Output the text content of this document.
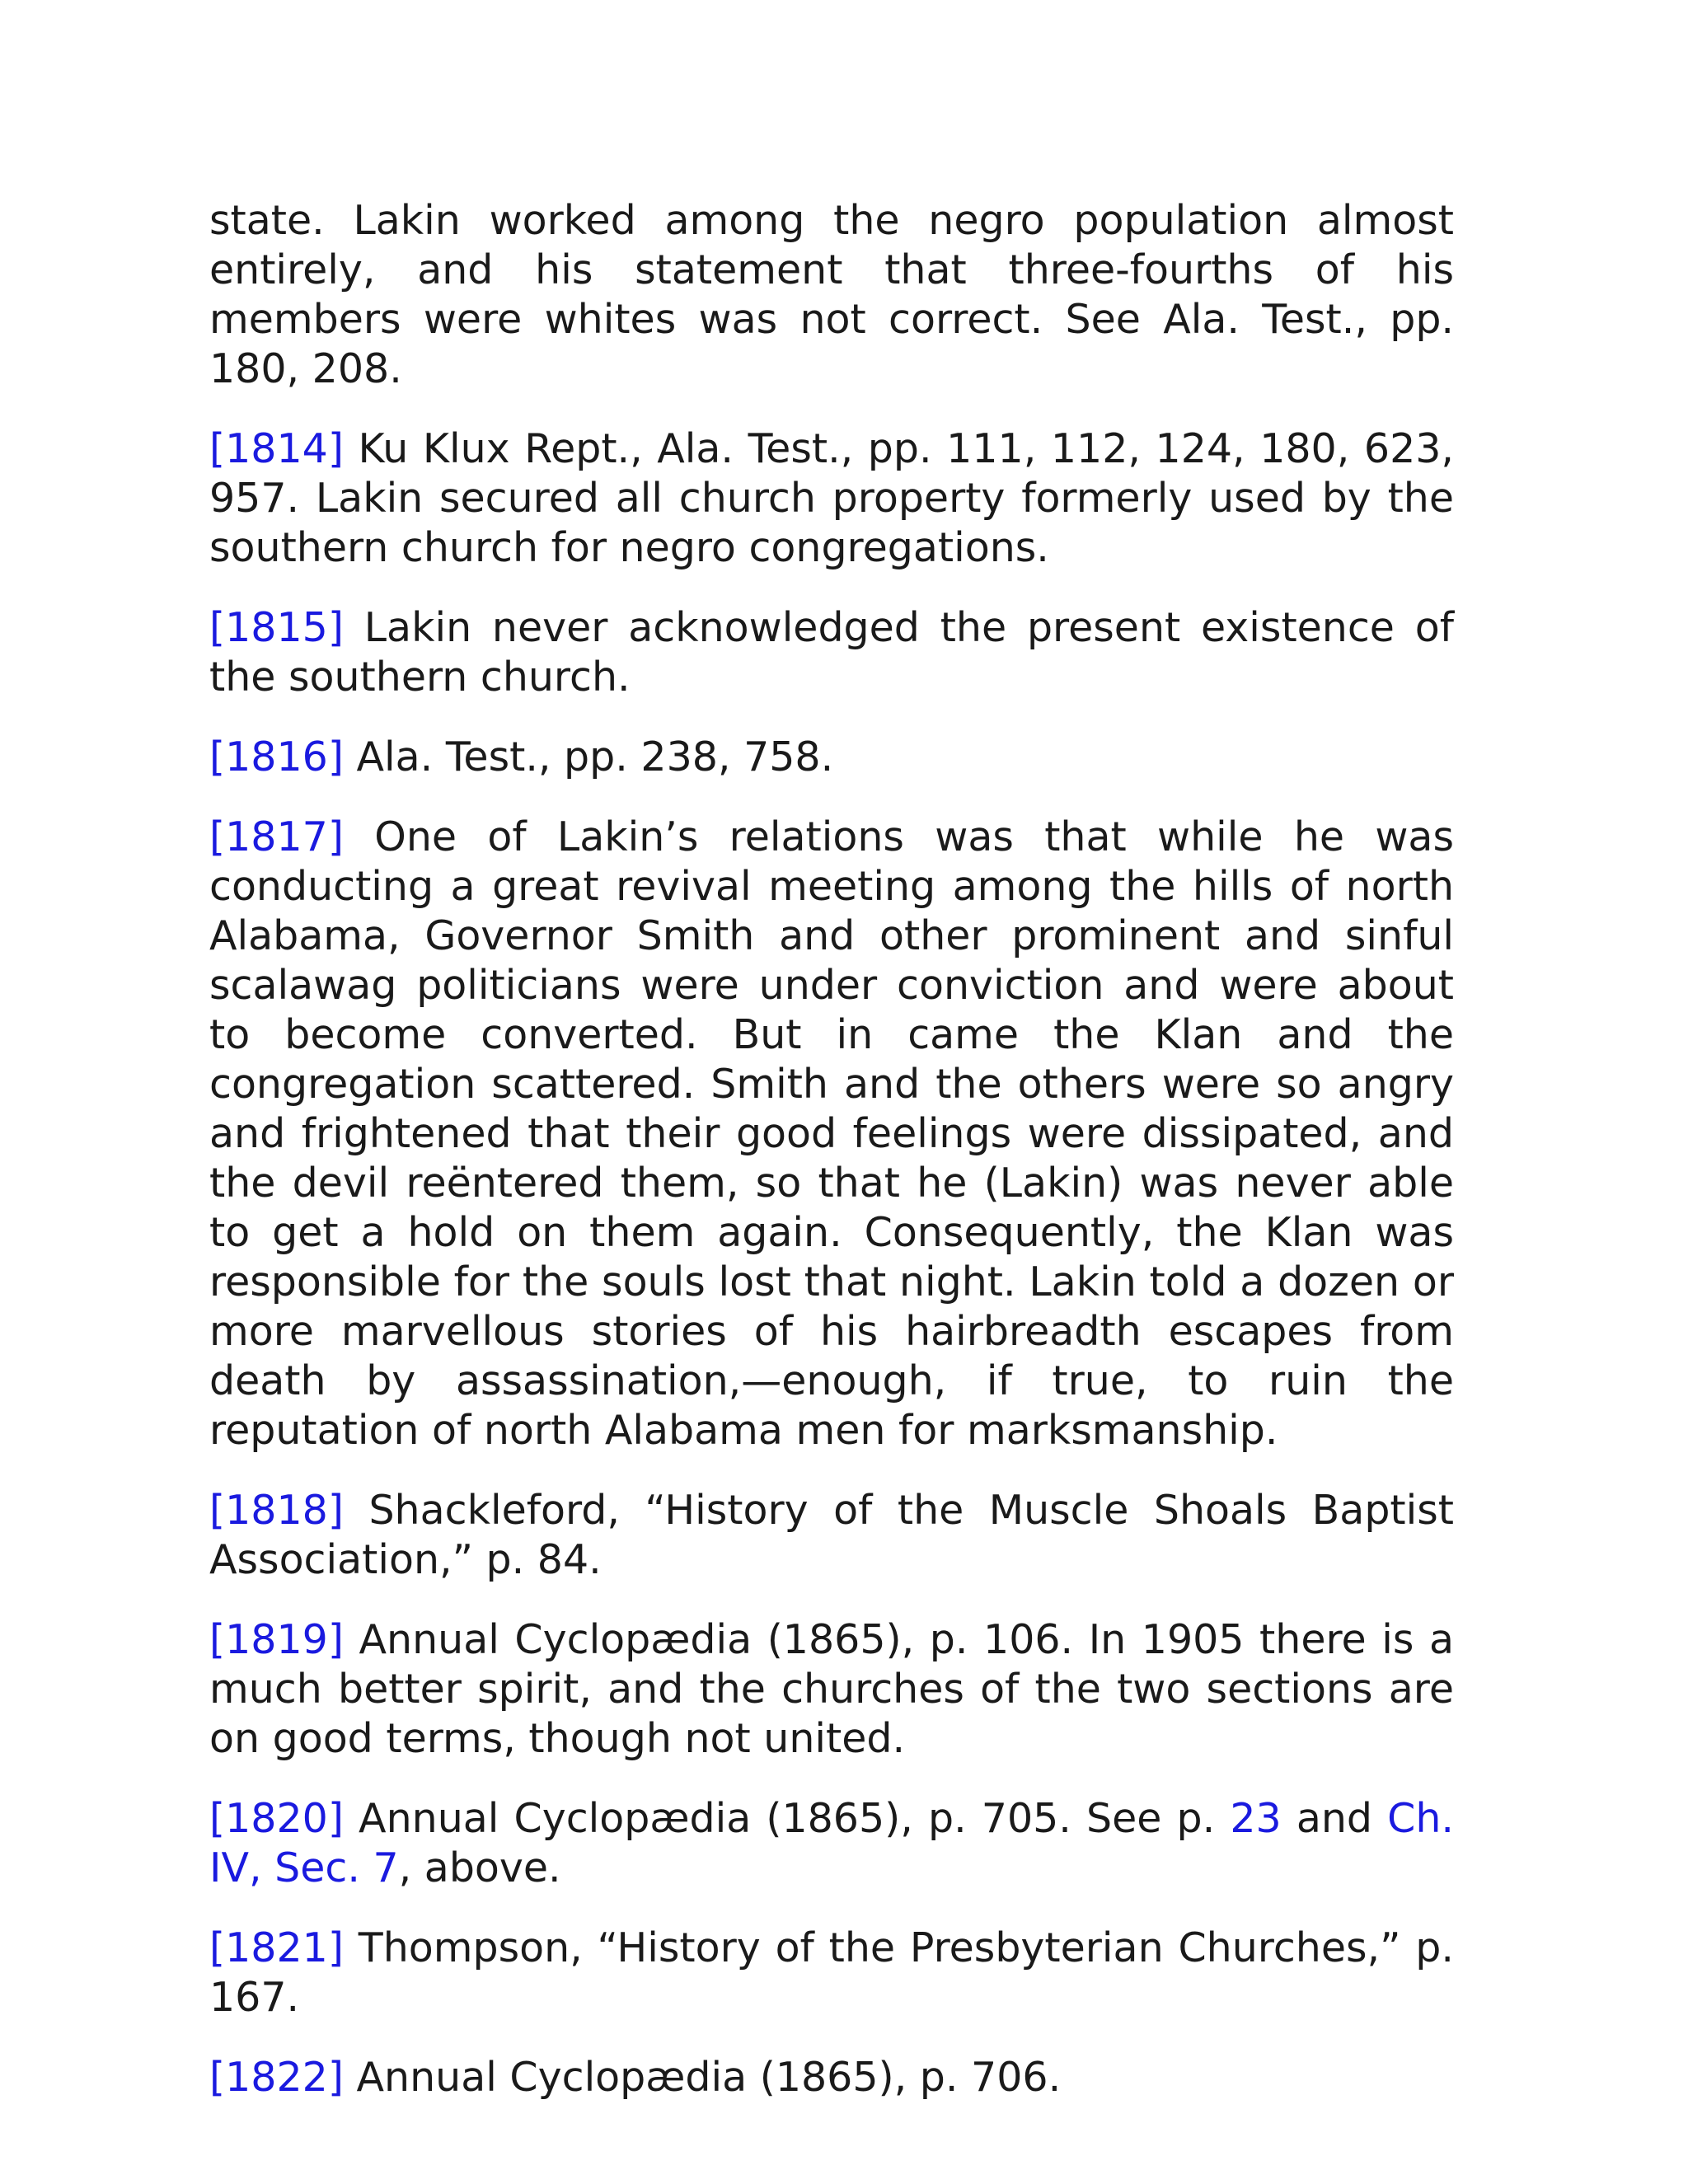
state. Lakin worked among the negro population almost entirely, and his statement that three-fourths of his members were whites was not correct. See Ala. Test., pp. 180, 208.

[1814] Ku Klux Rept., Ala. Test., pp. 111, 112, 124, 180, 623, 957. Lakin secured all church property formerly used by the southern church for negro congregations.

[1815] Lakin never acknowledged the present existence of the southern church.

[1816] Ala. Test., pp. 238, 758.

[1817] One of Lakin’s relations was that while he was conducting a great revival meeting among the hills of north Alabama, Governor Smith and other prominent and sinful scalawag politicians were under conviction and were about to become converted. But in came the Klan and the congregation scattered. Smith and the others were so angry and frightened that their good feelings were dissipated, and the devil reëntered them, so that he (Lakin) was never able to get a hold on them again. Consequently, the Klan was responsible for the souls lost that night. Lakin told a dozen or more marvellous stories of his hairbreadth escapes from death by assassination,—enough, if true, to ruin the reputation of north Alabama men for marksmanship.

[1818] Shackleford, “History of the Muscle Shoals Baptist Association,” p. 84.

[1819] Annual Cyclopædia (1865), p. 106. In 1905 there is a much better spirit, and the churches of the two sections are on good terms, though not united.

[1820] Annual Cyclopædia (1865), p. 705. See p. 23 and Ch. IV, Sec. 7, above.

[1821] Thompson, “History of the Presbyterian Churches,” p. 167.

[1822] Annual Cyclopædia (1865), p. 706.
